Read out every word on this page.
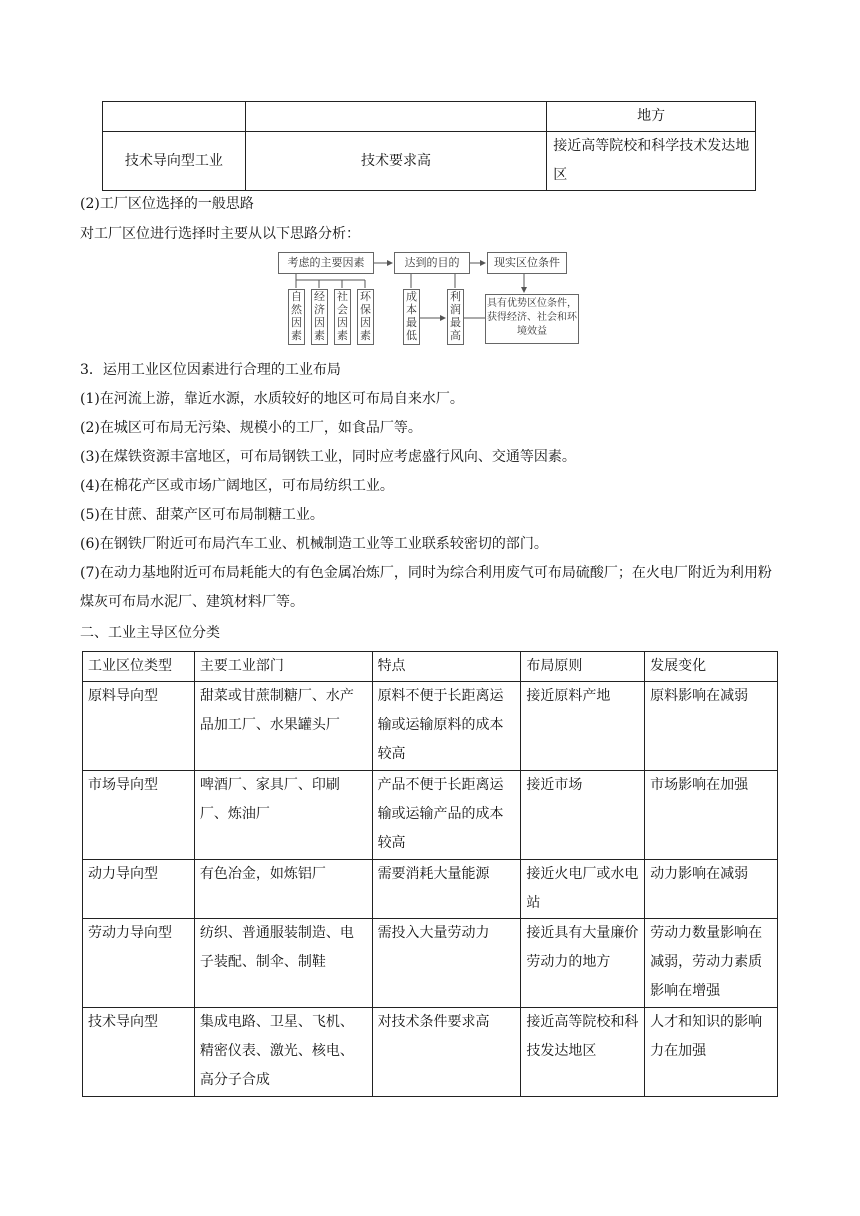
		地方
技术导向型工业	技术要求高	接近高等院校和科学技术发达地区
(2)工厂区位选择的一般思路
对工厂区位进行选择时主要从以下思路分析：
考虑的主要因素	达到的目的	现实区位条件
自然因素
经济因素
社会因素
环保因素
成本最低
利润最高
具有优势区位条件，获得经济、社会和环境效益
3．运用工业区位因素进行合理的工业布局
(1)在河流上游，靠近水源，水质较好的地区可布局自来水厂。
(2)在城区可布局无污染、规模小的工厂，如食品厂等。
(3)在煤铁资源丰富地区，可布局钢铁工业，同时应考虑盛行风向、交通等因素。
(4)在棉花产区或市场广阔地区，可布局纺织工业。
(5)在甘蔗、甜菜产区可布局制糖工业。
(6)在钢铁厂附近可布局汽车工业、机械制造工业等工业联系较密切的部门。
(7)在动力基地附近可布局耗能大的有色金属冶炼厂，同时为综合利用废气可布局硫酸厂；在火电厂附近为利用粉煤灰可布局水泥厂、建筑材料厂等。
二、工业主导区位分类
工业区位类型	主要工业部门	特点	布局原则	发展变化
原料导向型	甜菜或甘蔗制糖厂、水产品加工厂、水果罐头厂	原料不便于长距离运输或运输原料的成本较高	接近原料产地	原料影响在减弱
市场导向型	啤酒厂、家具厂、印刷厂、炼油厂	产品不便于长距离运输或运输产品的成本较高	接近市场	市场影响在加强
动力导向型	有色冶金，如炼铝厂	需要消耗大量能源	接近火电厂或水电站	动力影响在减弱
劳动力导向型	纺织、普通服装制造、电子装配、制伞、制鞋	需投入大量劳动力	接近具有大量廉价劳动力的地方	劳动力数量影响在减弱，劳动力素质影响在增强
技术导向型	集成电路、卫星、飞机、精密仪表、激光、核电、高分子合成	对技术条件要求高	接近高等院校和科技发达地区	人才和知识的影响力在加强
